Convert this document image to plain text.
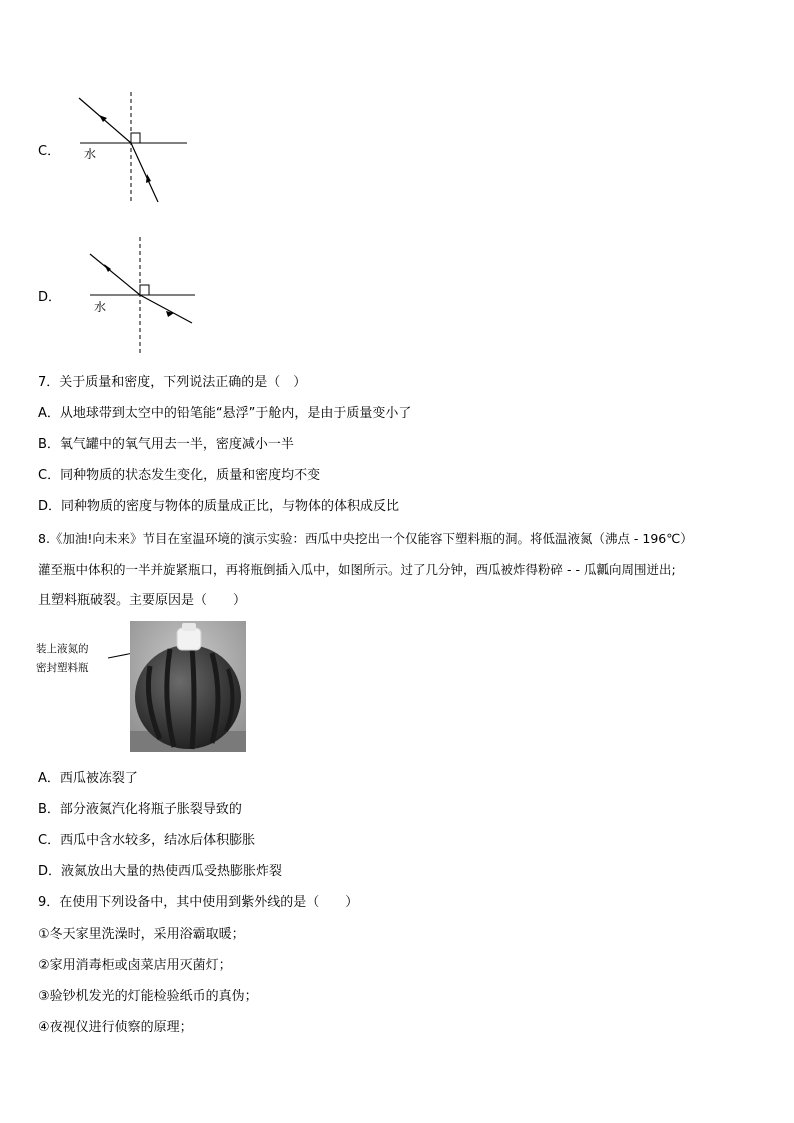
C． 水
D．
水
7．关于质量和密度，下列说法正确的是（　）
A．从地球带到太空中的铅笔能“悬浮”于舱内，是由于质量变小了
B．氧气罐中的氧气用去一半，密度减小一半
C．同种物质的状态发生变化，质量和密度均不变
D．同种物质的密度与物体的质量成正比，与物体的体积成反比
8.《加油!向未来》节目在室温环境的演示实验：西瓜中央挖出一个仅能容下塑料瓶的洞。将低温液氮（沸点 - 196℃）
灌至瓶中体积的一半并旋紧瓶口，再将瓶倒插入瓜中，如图所示。过了几分钟，西瓜被炸得粉碎 - - 瓜瓤向周围迸出;
且塑料瓶破裂。主要原因是（　　）
装上液氮的
密封塑料瓶
A．西瓜被冻裂了
B．部分液氮汽化将瓶子胀裂导致的
C．西瓜中含水较多，结冰后体积膨胀
D．液氮放出大量的热使西瓜受热膨胀炸裂
9．在使用下列设备中，其中使用到紫外线的是（　　）
①冬天家里洗澡时，采用浴霸取暖；
②家用消毒柜或卤菜店用灭菌灯；
③验钞机发光的灯能检验纸币的真伪；
④夜视仪进行侦察的原理；
